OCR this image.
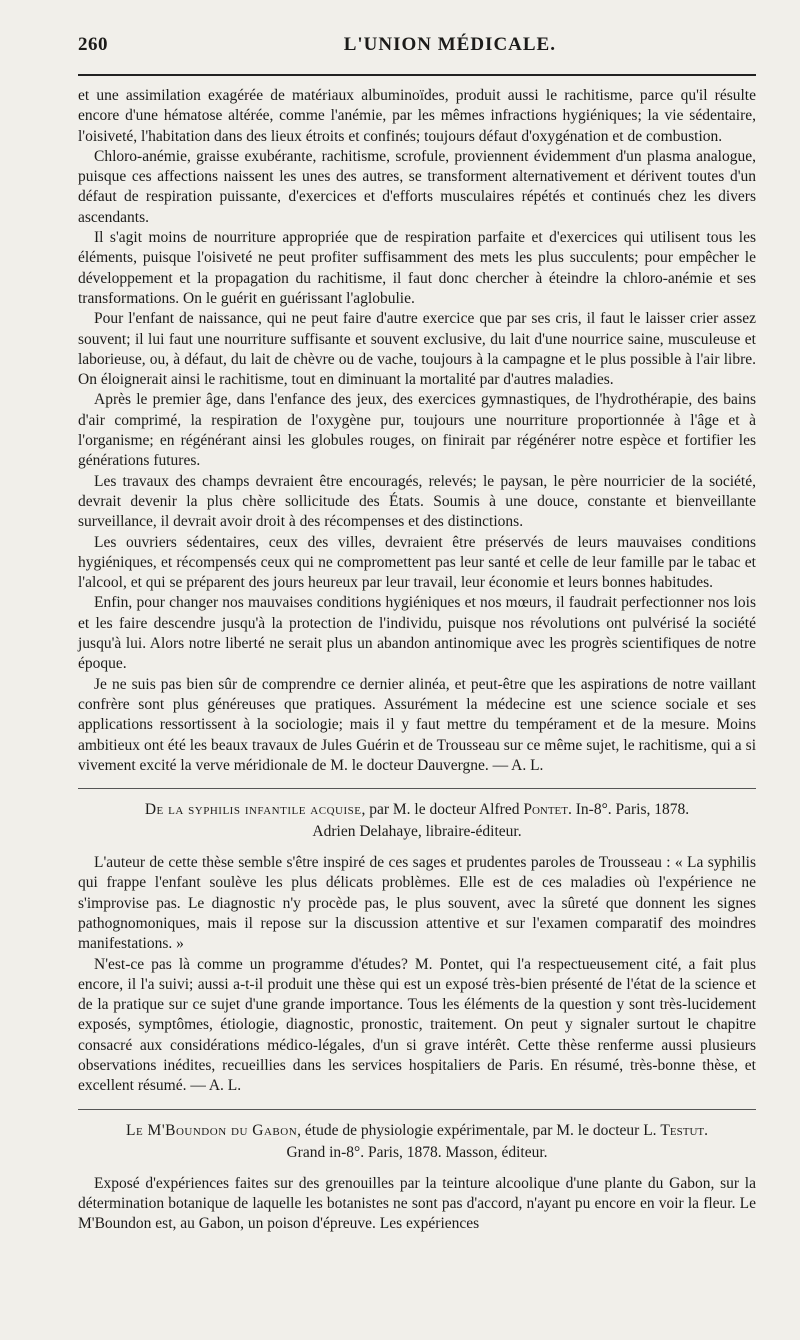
260	L'UNION MÉDICALE.

et une assimilation exagérée de matériaux albuminoïdes, produit aussi le rachitisme, parce qu'il résulte encore d'une hématose altérée, comme l'anémie, par les mêmes infractions hygiéniques; la vie sédentaire, l'oisiveté, l'habitation dans des lieux étroits et confinés; toujours défaut d'oxygénation et de combustion.

Chloro-anémie, graisse exubérante, rachitisme, scrofule, proviennent évidemment d'un plasma analogue, puisque ces affections naissent les unes des autres, se transforment alternativement et dérivent toutes d'un défaut de respiration puissante, d'exercices et d'efforts musculaires répétés et continués chez les divers ascendants.

Il s'agit moins de nourriture appropriée que de respiration parfaite et d'exercices qui utilisent tous les éléments, puisque l'oisiveté ne peut profiter suffisamment des mets les plus succulents; pour empêcher le développement et la propagation du rachitisme, il faut donc chercher à éteindre la chloro-anémie et ses transformations. On le guérit en guérissant l'aglobulie.

Pour l'enfant de naissance, qui ne peut faire d'autre exercice que par ses cris, il faut le laisser crier assez souvent; il lui faut une nourriture suffisante et souvent exclusive, du lait d'une nourrice saine, musculeuse et laborieuse, ou, à défaut, du lait de chèvre ou de vache, toujours à la campagne et le plus possible à l'air libre. On éloignerait ainsi le rachitisme, tout en diminuant la mortalité par d'autres maladies.

Après le premier âge, dans l'enfance des jeux, des exercices gymnastiques, de l'hydrothérapie, des bains d'air comprimé, la respiration de l'oxygène pur, toujours une nourriture proportionnée à l'âge et à l'organisme; en régénérant ainsi les globules rouges, on finirait par régénérer notre espèce et fortifier les générations futures.

Les travaux des champs devraient être encouragés, relevés; le paysan, le père nourricier de la société, devrait devenir la plus chère sollicitude des États. Soumis à une douce, constante et bienveillante surveillance, il devrait avoir droit à des récompenses et des distinctions.

Les ouvriers sédentaires, ceux des villes, devraient être préservés de leurs mauvaises conditions hygiéniques, et récompensés ceux qui ne compromettent pas leur santé et celle de leur famille par le tabac et l'alcool, et qui se préparent des jours heureux par leur travail, leur économie et leurs bonnes habitudes.

Enfin, pour changer nos mauvaises conditions hygiéniques et nos mœurs, il faudrait perfectionner nos lois et les faire descendre jusqu'à la protection de l'individu, puisque nos révolutions ont pulvérisé la société jusqu'à lui. Alors notre liberté ne serait plus un abandon antinomique avec les progrès scientifiques de notre époque.

Je ne suis pas bien sûr de comprendre ce dernier alinéa, et peut-être que les aspirations de notre vaillant confrère sont plus généreuses que pratiques. Assurément la médecine est une science sociale et ses applications ressortissent à la sociologie; mais il y faut mettre du tempérament et de la mesure. Moins ambitieux ont été les beaux travaux de Jules Guérin et de Trousseau sur ce même sujet, le rachitisme, qui a si vivement excité la verve méridionale de M. le docteur Dauvergne. — A. L.

De la syphilis infantile acquise, par M. le docteur Alfred Pontet. In-8°. Paris, 1878.
Adrien Delahaye, libraire-éditeur.

L'auteur de cette thèse semble s'être inspiré de ces sages et prudentes paroles de Trousseau : « La syphilis qui frappe l'enfant soulève les plus délicats problèmes. Elle est de ces maladies où l'expérience ne s'improvise pas. Le diagnostic n'y procède pas, le plus souvent, avec la sûreté que donnent les signes pathognomoniques, mais il repose sur la discussion attentive et sur l'examen comparatif des moindres manifestations. »

N'est-ce pas là comme un programme d'études? M. Pontet, qui l'a respectueusement cité, a fait plus encore, il l'a suivi; aussi a-t-il produit une thèse qui est un exposé très-bien présenté de l'état de la science et de la pratique sur ce sujet d'une grande importance. Tous les éléments de la question y sont très-lucidement exposés, symptômes, étiologie, diagnostic, pronostic, traitement. On peut y signaler surtout le chapitre consacré aux considérations médico-légales, d'un si grave intérêt. Cette thèse renferme aussi plusieurs observations inédites, recueillies dans les services hospitaliers de Paris. En résumé, très-bonne thèse, et excellent résumé. — A. L.

Le M'Boundon du Gabon, étude de physiologie expérimentale, par M. le docteur L. Testut.
Grand in-8°. Paris, 1878. Masson, éditeur.

Exposé d'expériences faites sur des grenouilles par la teinture alcoolique d'une plante du Gabon, sur la détermination botanique de laquelle les botanistes ne sont pas d'accord, n'ayant pu encore en voir la fleur. Le M'Boundon est, au Gabon, un poison d'épreuve. Les expériences
